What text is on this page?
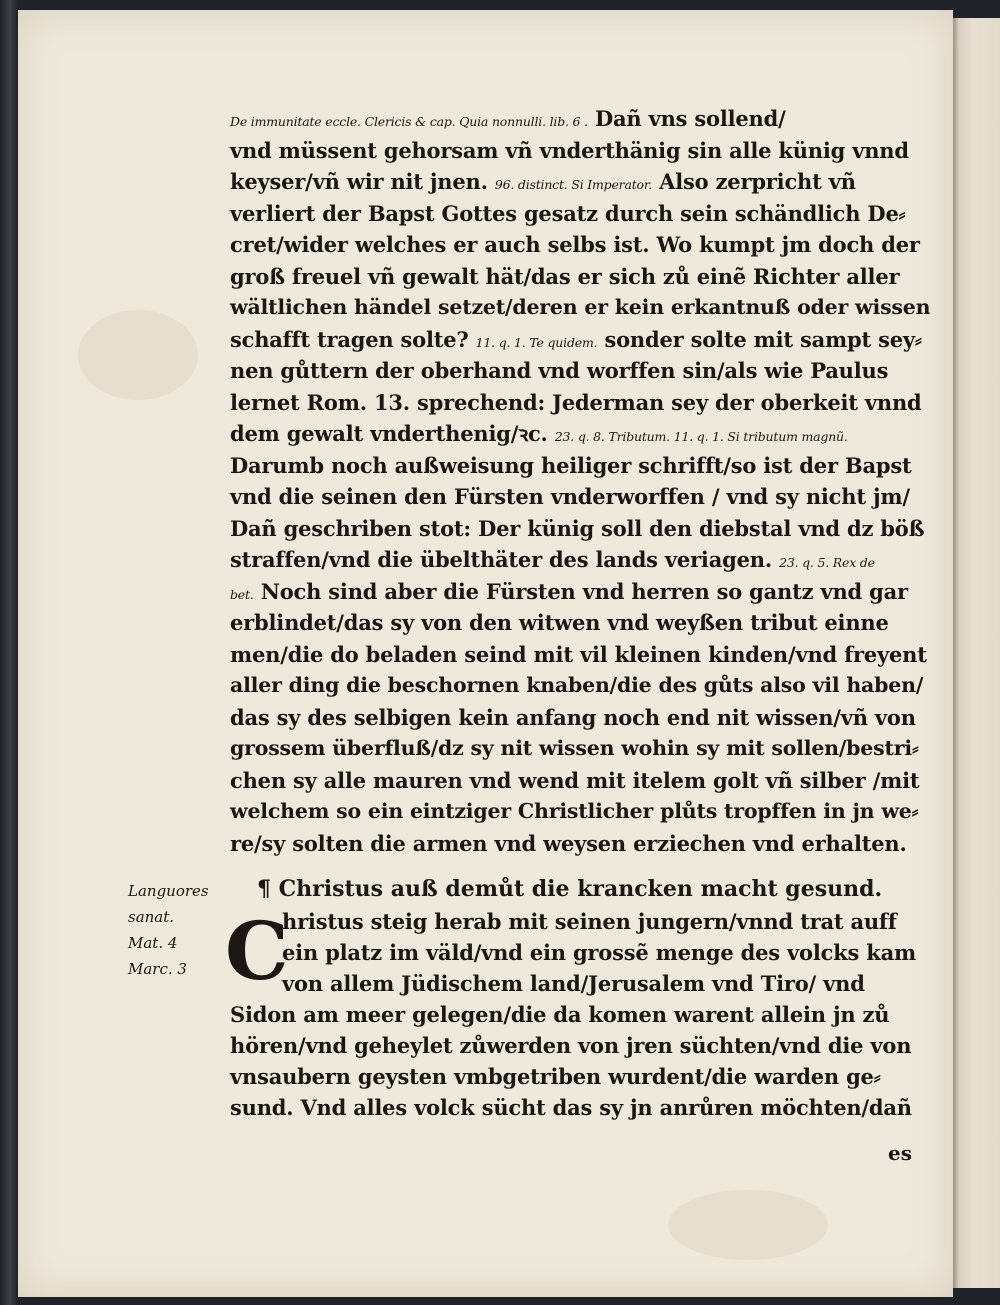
De immunitate eccle. Clericis & cap. Quia nonnulli. lib. 6 . Dañ vns sollend/
vnd müssent gehorsam vñ vnderthänig sin alle künig vnnd
keyser/vñ wir nit jnen. 96. distinct. Si Imperator. Also zerpricht vñ
verliert der Bapst Gottes gesatz durch sein schändlich De⸗
cret/wider welches er auch selbs ist. Wo kumpt jm doch der
groß freuel vñ gewalt hät/das er sich zů einẽ Richter aller
wältlichen händel setzet/deren er kein erkantnuß oder wissen
schafft tragen solte? 11. q. 1. Te quidem. sonder solte mit sampt sey⸗
nen gůttern der oberhand vnd worffen sin/als wie Paulus
lernet Rom. 13. sprechend: Jederman sey der oberkeit vnnd
dem gewalt vnderthenig/ꝛc. 23. q. 8. Tributum. 11. q. 1. Si tributum magnũ.
Darumb noch außweisung heiliger schrifft/so ist der Bapst
vnd die seinen den Fürsten vnderworffen / vnd sy nicht jm/
Dañ geschriben stot: Der künig soll den diebstal vnd dz böß
straffen/vnd die übelthäter des lands veriagen. 23. q. 5. Rex de
bet. Noch sind aber die Fürsten vnd herren so gantz vnd gar
erblindet/das sy von den witwen vnd weyßen tribut einne
men/die do beladen seind mit vil kleinen kinden/vnd freyent
aller ding die beschornen knaben/die des gůts also vil haben/
das sy des selbigen kein anfang noch end nit wissen/vñ von
grossem überfluß/dz sy nit wissen wohin sy mit sollen/bestri⸗
chen sy alle mauren vnd wend mit itelem golt vñ silber /mit
welchem so ein eintziger Christlicher plůts tropffen in jn we⸗
re/sy solten die armen vnd weysen erziechen vnd erhalten.
Languores
sanat.
Mat. 4
Marc. 3
¶ Christus auß demůt die krancken macht gesund.
C
hristus steig herab mit seinen jungern/vnnd trat auff
ein platz im väld/vnd ein grossẽ menge des volcks kam
von allem Jüdischem land/Jerusalem vnd Tiro/ vnd
Sidon am meer gelegen/die da komen warent allein jn zů
hören/vnd geheylet zůwerden von jren süchten/vnd die von
vnsaubern geysten vmbgetriben wurdent/die warden ge⸗
sund. Vnd alles volck sücht das sy jn anrůren möchten/dañ
es
